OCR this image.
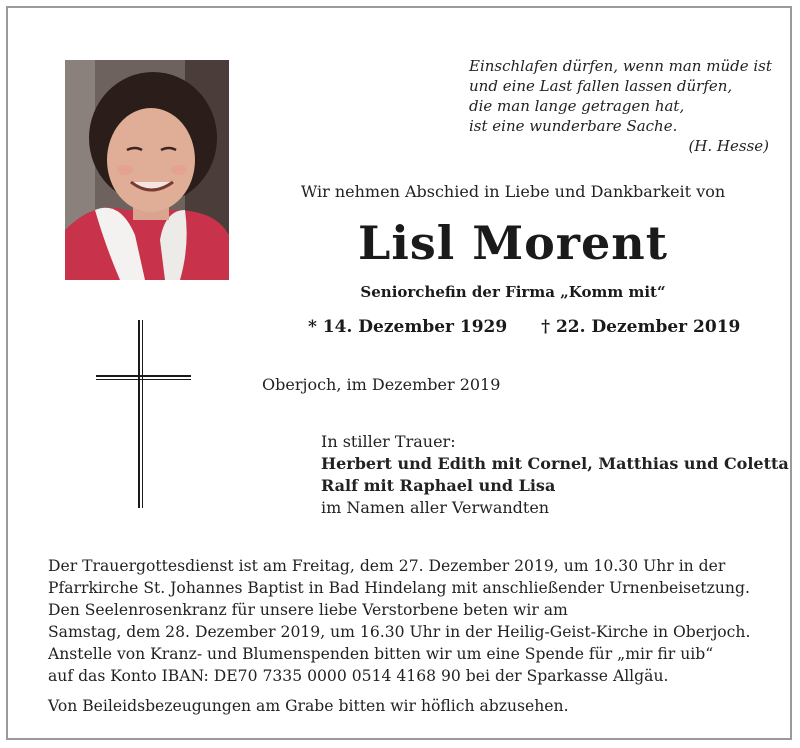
Einschlafen dürfen, wenn man müde ist
und eine Last fallen lassen dürfen,
die man lange getragen hat,
ist eine wunderbare Sache.
(H. Hesse)
Wir nehmen Abschied in Liebe und Dankbarkeit von
Lisl Morent
Seniorchefin der Firma „Komm mit“
* 14. Dezember 1929 † 22. Dezember 2019
Oberjoch, im Dezember 2019
In stiller Trauer:
Herbert und Edith mit Cornel, Matthias und Coletta
Ralf mit Raphael und Lisa
im Namen aller Verwandten
Der Trauergottesdienst ist am Freitag, dem 27. Dezember 2019, um 10.30 Uhr in der
Pfarrkirche St. Johannes Baptist in Bad Hindelang mit anschließender Urnenbeisetzung.
Den Seelenrosenkranz für unsere liebe Verstorbene beten wir am
Samstag, dem 28. Dezember 2019, um 16.30 Uhr in der Heilig-Geist-Kirche in Oberjoch.
Anstelle von Kranz- und Blumenspenden bitten wir um eine Spende für „mir fir uib“
auf das Konto IBAN: DE70 7335 0000 0514 4168 90 bei der Sparkasse Allgäu.
Von Beileidsbezeugungen am Grabe bitten wir höflich abzusehen.
